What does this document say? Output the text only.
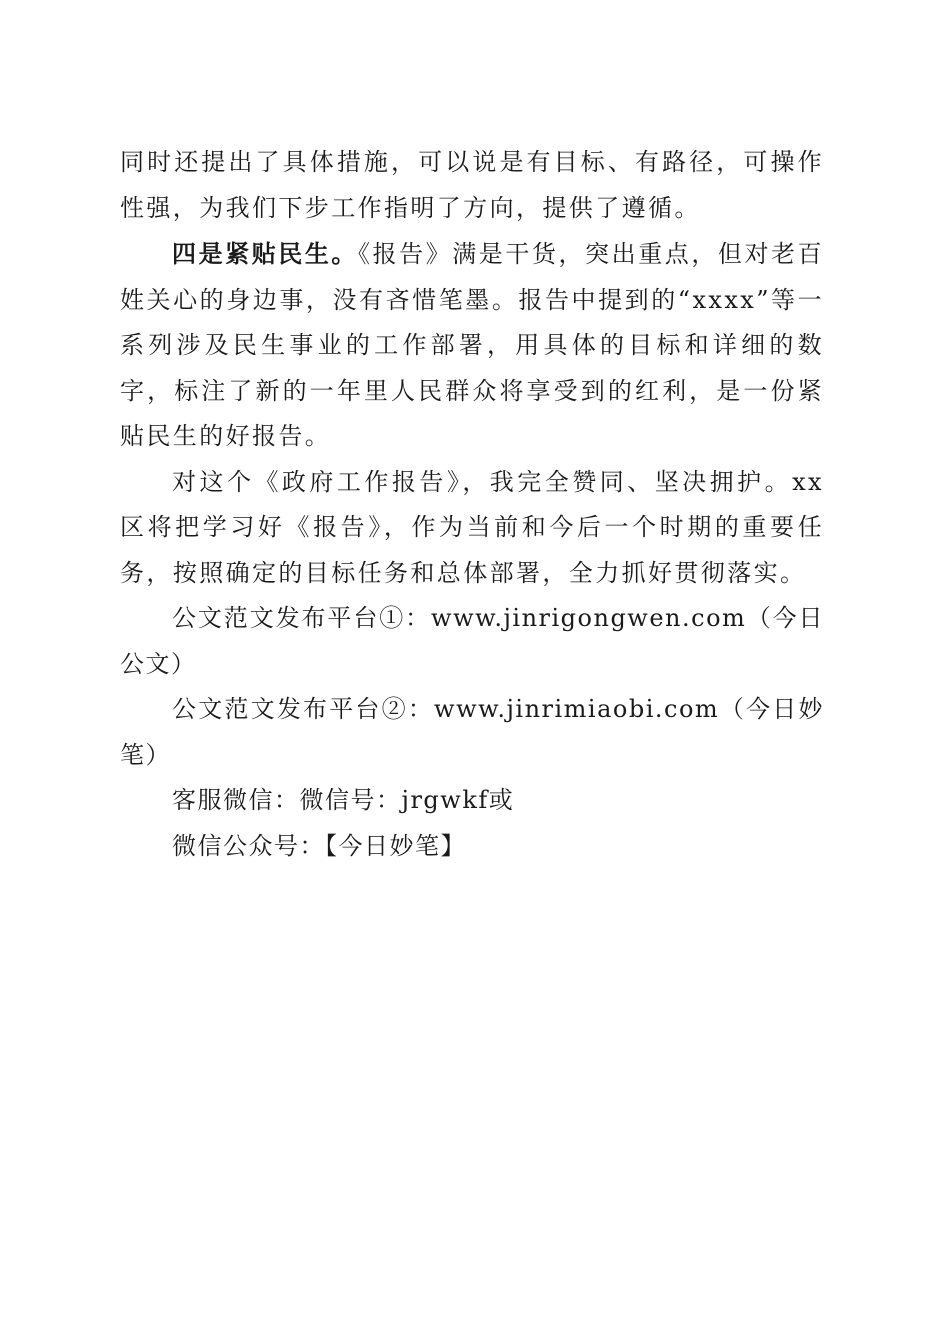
同时还提出了具体措施，可以说是有目标、有路径，可操作性强，为我们下步工作指明了方向，提供了遵循。

四是紧贴民生。《报告》满是干货，突出重点，但对老百姓关心的身边事，没有吝惜笔墨。报告中提到的“xxxx”等一系列涉及民生事业的工作部署，用具体的目标和详细的数字，标注了新的一年里人民群众将享受到的红利，是一份紧贴民生的好报告。

对这个《政府工作报告》，我完全赞同、坚决拥护。xx区将把学习好《报告》，作为当前和今后一个时期的重要任务，按照确定的目标任务和总体部署，全力抓好贯彻落实。

公文范文发布平台①：www.jinrigongwen.com（今日公文）

公文范文发布平台②：www.jinrimiaobi.com（今日妙笔）

客服微信：微信号：jrgwkf或

微信公众号：【今日妙笔】
